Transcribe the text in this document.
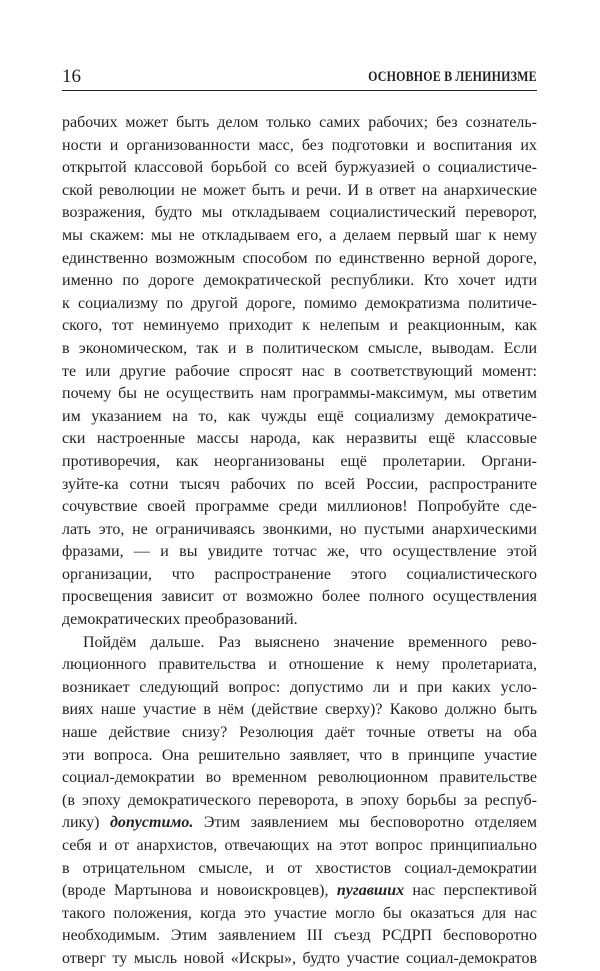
16	ОСНОВНОЕ В ЛЕНИНИЗМЕ
рабочих может быть делом только самих рабочих; без сознатель-
ности и организованности масс, без подготовки и воспитания их
открытой классовой борьбой со всей буржуазией о социалистиче-
ской революции не может быть и речи. И в ответ на анархические
возражения, будто мы откладываем социалистический переворот,
мы скажем: мы не откладываем его, а делаем первый шаг к нему
единственно возможным способом по единственно верной дороге,
именно по дороге демократической республики. Кто хочет идти
к социализму по другой дороге, помимо демократизма политиче-
ского, тот неминуемо приходит к нелепым и реакционным, как
в экономическом, так и в политическом смысле, выводам. Если
те или другие рабочие спросят нас в соответствующий момент:
почему бы не осуществить нам программы-максимум, мы ответим
им указанием на то, как чужды ещё социализму демократиче-
ски настроенные массы народа, как неразвиты ещё классовые
противоречия, как неорганизованы ещё пролетарии. Органи-
зуйте-ка сотни тысяч рабочих по всей России, распространите
сочувствие своей программе среди миллионов! Попробуйте сде-
лать это, не ограничиваясь звонкими, но пустыми анархическими
фразами, — и вы увидите тотчас же, что осуществление этой
организации, что распространение этого социалистического
просвещения зависит от возможно более полного осуществления
демократических преобразований.
Пойдём дальше. Раз выяснено значение временного рево-
люционного правительства и отношение к нему пролетариата,
возникает следующий вопрос: допустимо ли и при каких усло-
виях наше участие в нём (действие сверху)? Каково должно быть
наше действие снизу? Резолюция даёт точные ответы на оба
эти вопроса. Она решительно заявляет, что в принципе участие
социал-демократии во временном революционном правительстве
(в эпоху демократического переворота, в эпоху борьбы за респуб-
лику) допустимо. Этим заявлением мы бесповоротно отделяем
себя и от анархистов, отвечающих на этот вопрос принципиально
в отрицательном смысле, и от хвостистов социал-демократии
(вроде Мартынова и новоискровцев), пугавших нас перспективой
такого положения, когда это участие могло бы оказаться для нас
необходимым. Этим заявлением III съезд РСДРП бесповоротно
отверг ту мысль новой «Искры», будто участие социал-демократов
